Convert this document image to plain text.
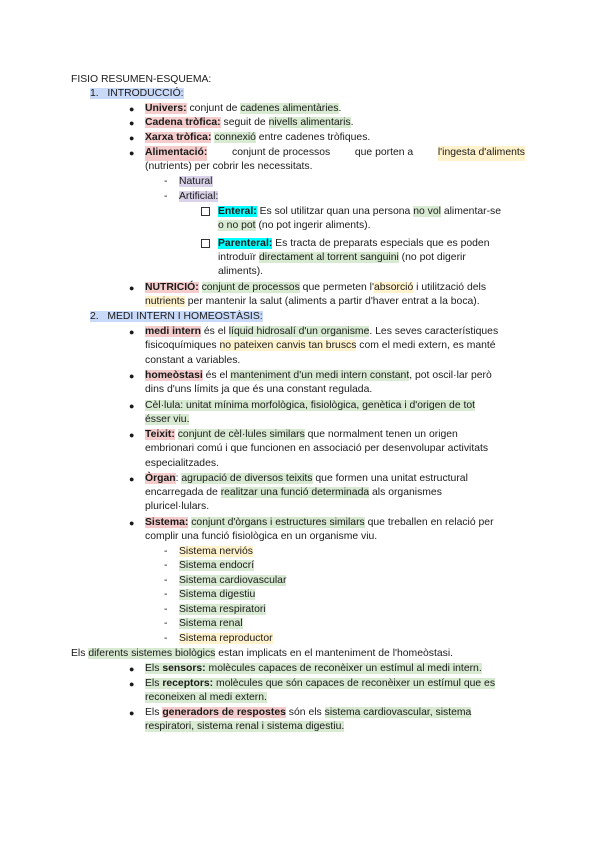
FISIO RESUMEN-ESQUEMA:
1. INTRODUCCIÓ:
● Univers: conjunt de cadenes alimentàries.
● Cadena tròfica: seguit de nivells alimentaris.
● Xarxa tròfica: connexió entre cadenes tròfiques.
● Alimentació: conjunt de processos que porten a l'ingesta d'aliments
(nutrients) per cobrir les necessitats.
- Natural
- Artificial:
Enteral: Es sol utilitzar quan una persona no vol alimentar-se
o no pot (no pot ingerir aliments).
Parenteral: Es tracta de preparats especials que es poden
introduïr directament al torrent sanguini (no pot digerir
aliments).
● NUTRICIÓ: conjunt de processos que permeten l'absorció i utilització dels
nutrients per mantenir la salut (aliments a partir d'haver entrat a la boca).
2. MEDI INTERN I HOMEOSTÀSIS:
● medi intern és el líquid hidrosalí d'un organisme. Les seves característiques
fisicoquímiques no pateixen canvis tan bruscs com el medi extern, es manté
constant a variables.
● homeòstasi és el manteniment d'un medi intern constant, pot oscil·lar però
dins d'uns límits ja que és una constant regulada.
● Cèl·lula: unitat mínima morfològica, fisiològica, genètica i d'origen de tot
ésser viu.
● Teixit: conjunt de cèl·lules similars que normalment tenen un origen
embrionari comú i que funcionen en associació per desenvolupar activitats
especialitzades.
● Òrgan: agrupació de diversos teixits que formen una unitat estructural
encarregada de realitzar una funció determinada als organismes
pluricel·lulars.
● Sistema: conjunt d'òrgans i estructures similars que treballen en relació per
complir una funció fisiològica en un organisme viu.
- Sistema nerviós
- Sistema endocrí
- Sistema cardiovascular
- Sistema digestiu
- Sistema respiratori
- Sistema renal
- Sistema reproductor
Els diferents sistemes biològics estan implicats en el manteniment de l'homeòstasi.
● Els sensors: molècules capaces de reconèixer un estímul al medi intern.
● Els receptors: molècules que són capaces de reconèixer un estímul que es
reconeixen al medi extern.
● Els generadors de respostes són els sistema cardiovascular, sistema
respiratori, sistema renal i sistema digestiu.
